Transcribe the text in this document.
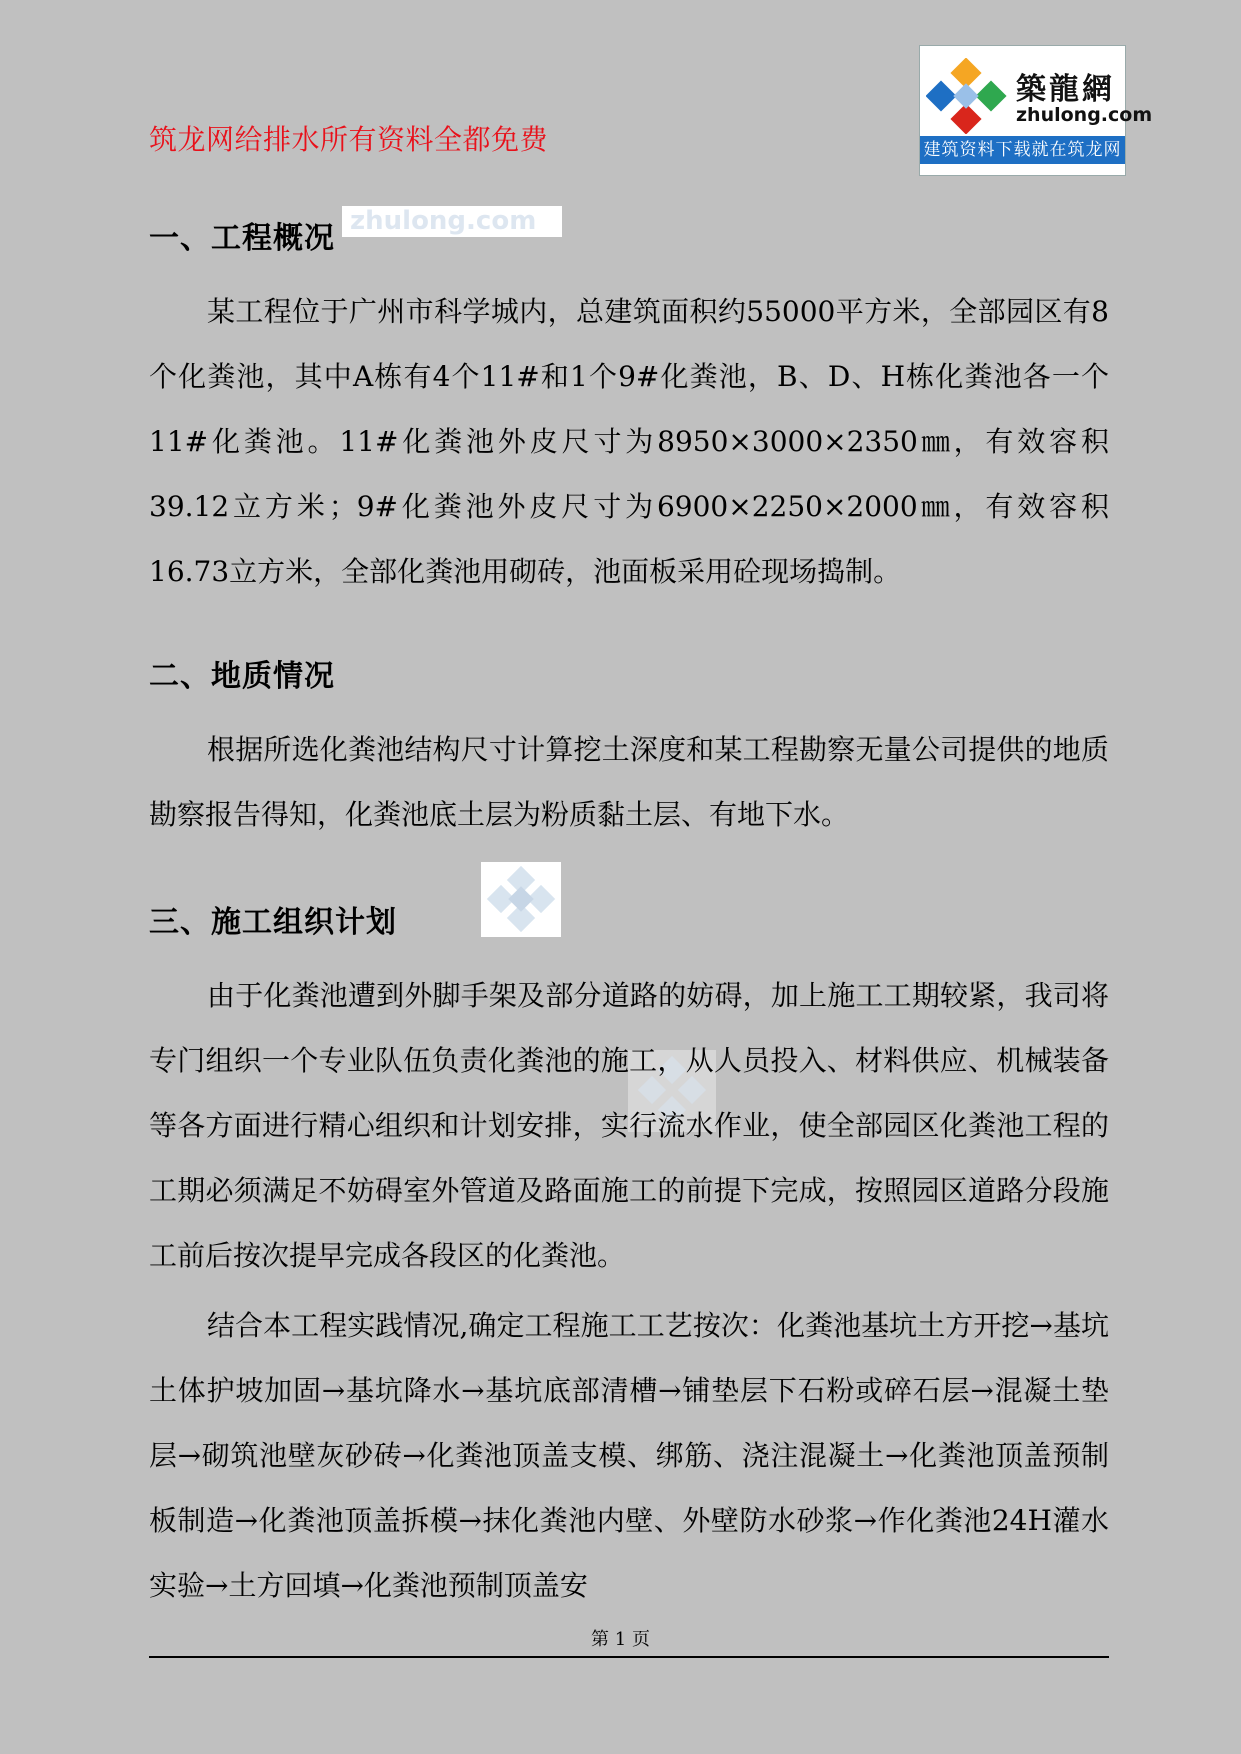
筑龙网给排水所有资料全都免费
築龍網
zhulong.com
建筑资料下载就在筑龙网
zhulong.com
一、工程概况

某工程位于广州市科学城内，总建筑面积约55000平方米，全部园区有8个化粪池，其中A栋有4个11#和1个9#化粪池，B、D、H栋化粪池各一个11#化粪池。11#化粪池外皮尺寸为8950×3000×2350㎜，有效容积39.12立方米；9#化粪池外皮尺寸为6900×2250×2000㎜，有效容积16.73立方米，全部化粪池用砌砖，池面板采用砼现场捣制。

二、地质情况

根据所选化粪池结构尺寸计算挖土深度和某工程勘察无量公司提供的地质勘察报告得知，化粪池底土层为粉质黏土层、有地下水。

三、施工组织计划

由于化粪池遭到外脚手架及部分道路的妨碍，加上施工工期较紧，我司将专门组织一个专业队伍负责化粪池的施工，从人员投入、材料供应、机械装备等各方面进行精心组织和计划安排，实行流水作业，使全部园区化粪池工程的工期必须满足不妨碍室外管道及路面施工的前提下完成，按照园区道路分段施工前后按次提早完成各段区的化粪池。

结合本工程实践情况,确定工程施工工艺按次：化粪池基坑土方开挖→基坑土体护坡加固→基坑降水→基坑底部清槽→铺垫层下石粉或碎石层→混凝土垫层→砌筑池壁灰砂砖→化粪池顶盖支模、绑筋、浇注混凝土→化粪池顶盖预制板制造→化粪池顶盖拆模→抹化粪池内壁、外壁防水砂浆→作化粪池24H灌水实验→土方回填→化粪池预制顶盖安

第 1 页
